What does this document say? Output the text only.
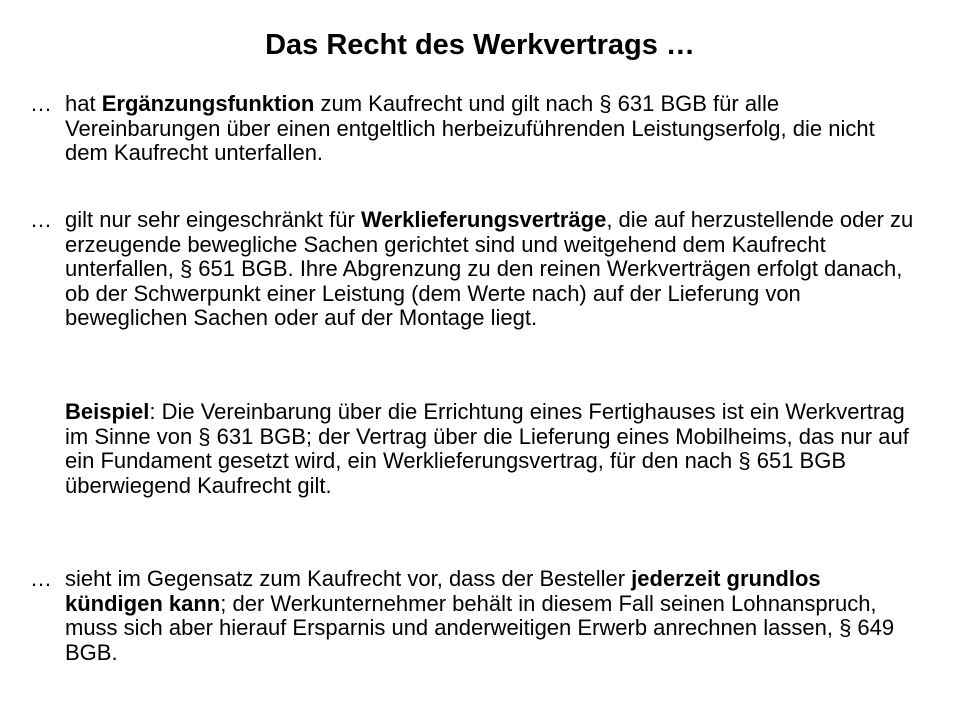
Das Recht des Werkvertrags …

… hat Ergänzungsfunktion zum Kaufrecht und gilt nach § 631 BGB für alle Vereinbarungen über einen entgeltlich herbeizuführenden Leistungserfolg, die nicht dem Kaufrecht unterfallen.

… gilt nur sehr eingeschränkt für Werklieferungsverträge, die auf herzustellende oder zu erzeugende bewegliche Sachen gerichtet sind und weitgehend dem Kaufrecht unterfallen, § 651 BGB. Ihre Abgrenzung zu den reinen Werkverträgen erfolgt danach, ob der Schwerpunkt einer Leistung (dem Werte nach) auf der Lieferung von beweglichen Sachen oder auf der Montage liegt.

Beispiel: Die Vereinbarung über die Errichtung eines Fertighauses ist ein Werkvertrag im Sinne von § 631 BGB; der Vertrag über die Lieferung eines Mobilheims, das nur auf ein Fundament gesetzt wird, ein Werklieferungsvertrag, für den nach § 651 BGB überwiegend Kaufrecht gilt.

… sieht im Gegensatz zum Kaufrecht vor, dass der Besteller jederzeit grundlos kündigen kann; der Werkunternehmer behält in diesem Fall seinen Lohnanspruch, muss sich aber hierauf Ersparnis und anderweitigen Erwerb anrechnen lassen, § 649 BGB.
